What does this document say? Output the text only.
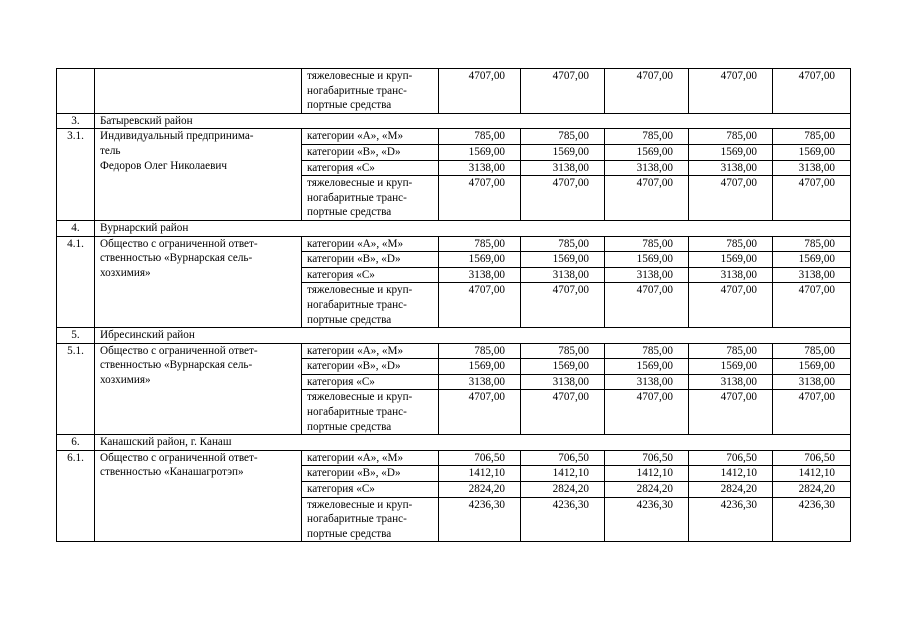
		тяжеловесные и круп-
ногабаритные транс-
портные средства	4707,00	4707,00	4707,00	4707,00	4707,00
3.	Батыревский район						
3.1.	Индивидуальный предпринима-
тель
Федоров Олег Николаевич	категории «A», «M»	785,00	785,00	785,00	785,00	785,00
		категории «B», «D»	1569,00	1569,00	1569,00	1569,00	1569,00
		категория «C»	3138,00	3138,00	3138,00	3138,00	3138,00

		тяжеловесные и круп-
ногабаритные транс-
портные средства	4707,00	4707,00	4707,00	4707,00	4707,00
4.	Вурнарский район						
4.1.	Общество с ограниченной ответ-
ственностью «Вурнарская сель-
хозхимия»	категории «A», «M»	785,00	785,00	785,00	785,00	785,00
		категории «B», «D»	1569,00	1569,00	1569,00	1569,00	1569,00
		категория «C»	3138,00	3138,00	3138,00	3138,00	3138,00

		тяжеловесные и круп-
ногабаритные транс-
портные средства	4707,00	4707,00	4707,00	4707,00	4707,00
5.	Ибресинский район						
5.1.	Общество с ограниченной ответ-
ственностью «Вурнарская сель-
хозхимия»	категории «A», «M»	785,00	785,00	785,00	785,00	785,00
		категории «B», «D»	1569,00	1569,00	1569,00	1569,00	1569,00
		категория «C»	3138,00	3138,00	3138,00	3138,00	3138,00

		тяжеловесные и круп-
ногабаритные транс-
портные средства	4707,00	4707,00	4707,00	4707,00	4707,00
6.	Канашский район, г. Канаш						
6.1.	Общество с ограниченной ответ-
ственностью «Канашагротэп»	категории «A», «M»	706,50	706,50	706,50	706,50	706,50
		категории «B», «D»	1412,10	1412,10	1412,10	1412,10	1412,10
		категория «C»	2824,20	2824,20	2824,20	2824,20	2824,20

		тяжеловесные и круп-
ногабаритные транс-
портные средства	4236,30	4236,30	4236,30	4236,30	4236,30
